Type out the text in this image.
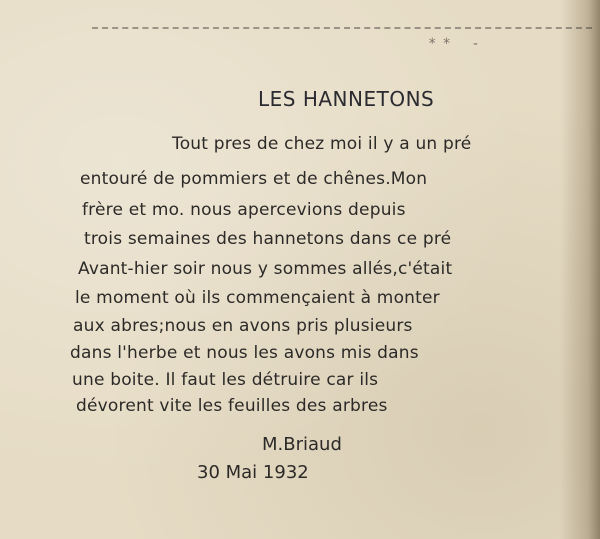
** -
LES HANNETONS
Tout pres de chez moi il y a un pré
entouré de pommiers et de chênes.Mon
frère et mo. nous apercevions depuis
trois semaines des hannetons dans ce pré
Avant-hier soir nous y sommes allés,c'était
le moment où ils commençaient à monter
aux abres;nous en avons pris plusieurs
dans l'herbe et nous les avons mis dans
une boite. Il faut les détruire car ils
dévorent vite les feuilles des arbres
M.Briaud
30 Mai 1932
